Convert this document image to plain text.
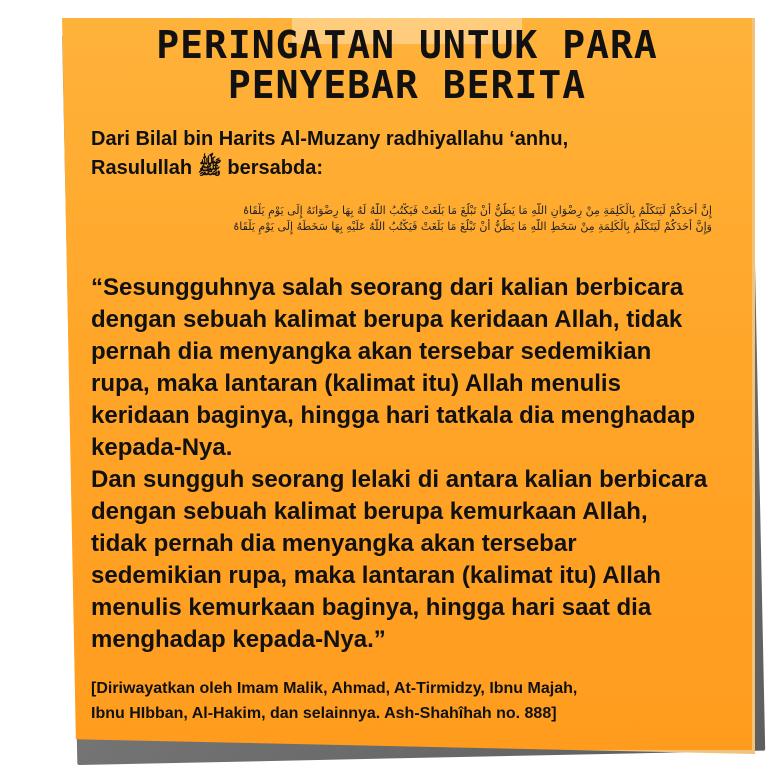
PERINGATAN UNTUK PARA
PENYEBAR BERITA
Dari Bilal bin Harits Al-Muzany radhiyallahu ‘anhu,
Rasulullah ﷺ bersabda:
إِنَّ أَحَدَكُمْ لَيَتَكَلَّمُ بِالْكَلِمَةِ مِنْ رِضْوَانِ اللَّهِ مَا يَظُنُّ أَنْ تَبْلُغَ مَا بَلَغَتْ فَيَكْتُبُ اللَّهُ لَهُ بِهَا رِضْوَانَهُ إِلَى يَوْمِ يَلْقَاهُ
وَإِنَّ أَحَدَكُمْ لَيَتَكَلَّمُ بِالْكَلِمَةِ مِنْ سَخَطِ اللَّهِ مَا يَظُنُّ أَنْ تَبْلُغَ مَا بَلَغَتْ فَيَكْتُبُ اللَّهُ عَلَيْهِ بِهَا سَخَطَهُ إِلَى يَوْمِ يَلْقَاهُ

“Sesungguhnya salah seorang dari kalian berbicara

dengan sebuah kalimat berupa keridaan Allah, tidak

pernah dia menyangka akan tersebar sedemikian

rupa, maka lantaran (kalimat itu) Allah menulis

keridaan baginya, hingga hari tatkala dia menghadap

kepada-Nya.

Dan sungguh seorang lelaki di antara kalian berbicara

dengan sebuah kalimat berupa kemurkaan Allah,

tidak pernah dia menyangka akan tersebar

sedemikian rupa, maka lantaran (kalimat itu) Allah

menulis kemurkaan baginya, hingga hari saat dia

menghadap kepada-Nya.”

[Diriwayatkan oleh Imam Malik, Ahmad, At-Tirmidzy, Ibnu Majah,
Ibnu HIbban, Al-Hakim, dan selainnya. Ash-Shahîhah no. 888]
